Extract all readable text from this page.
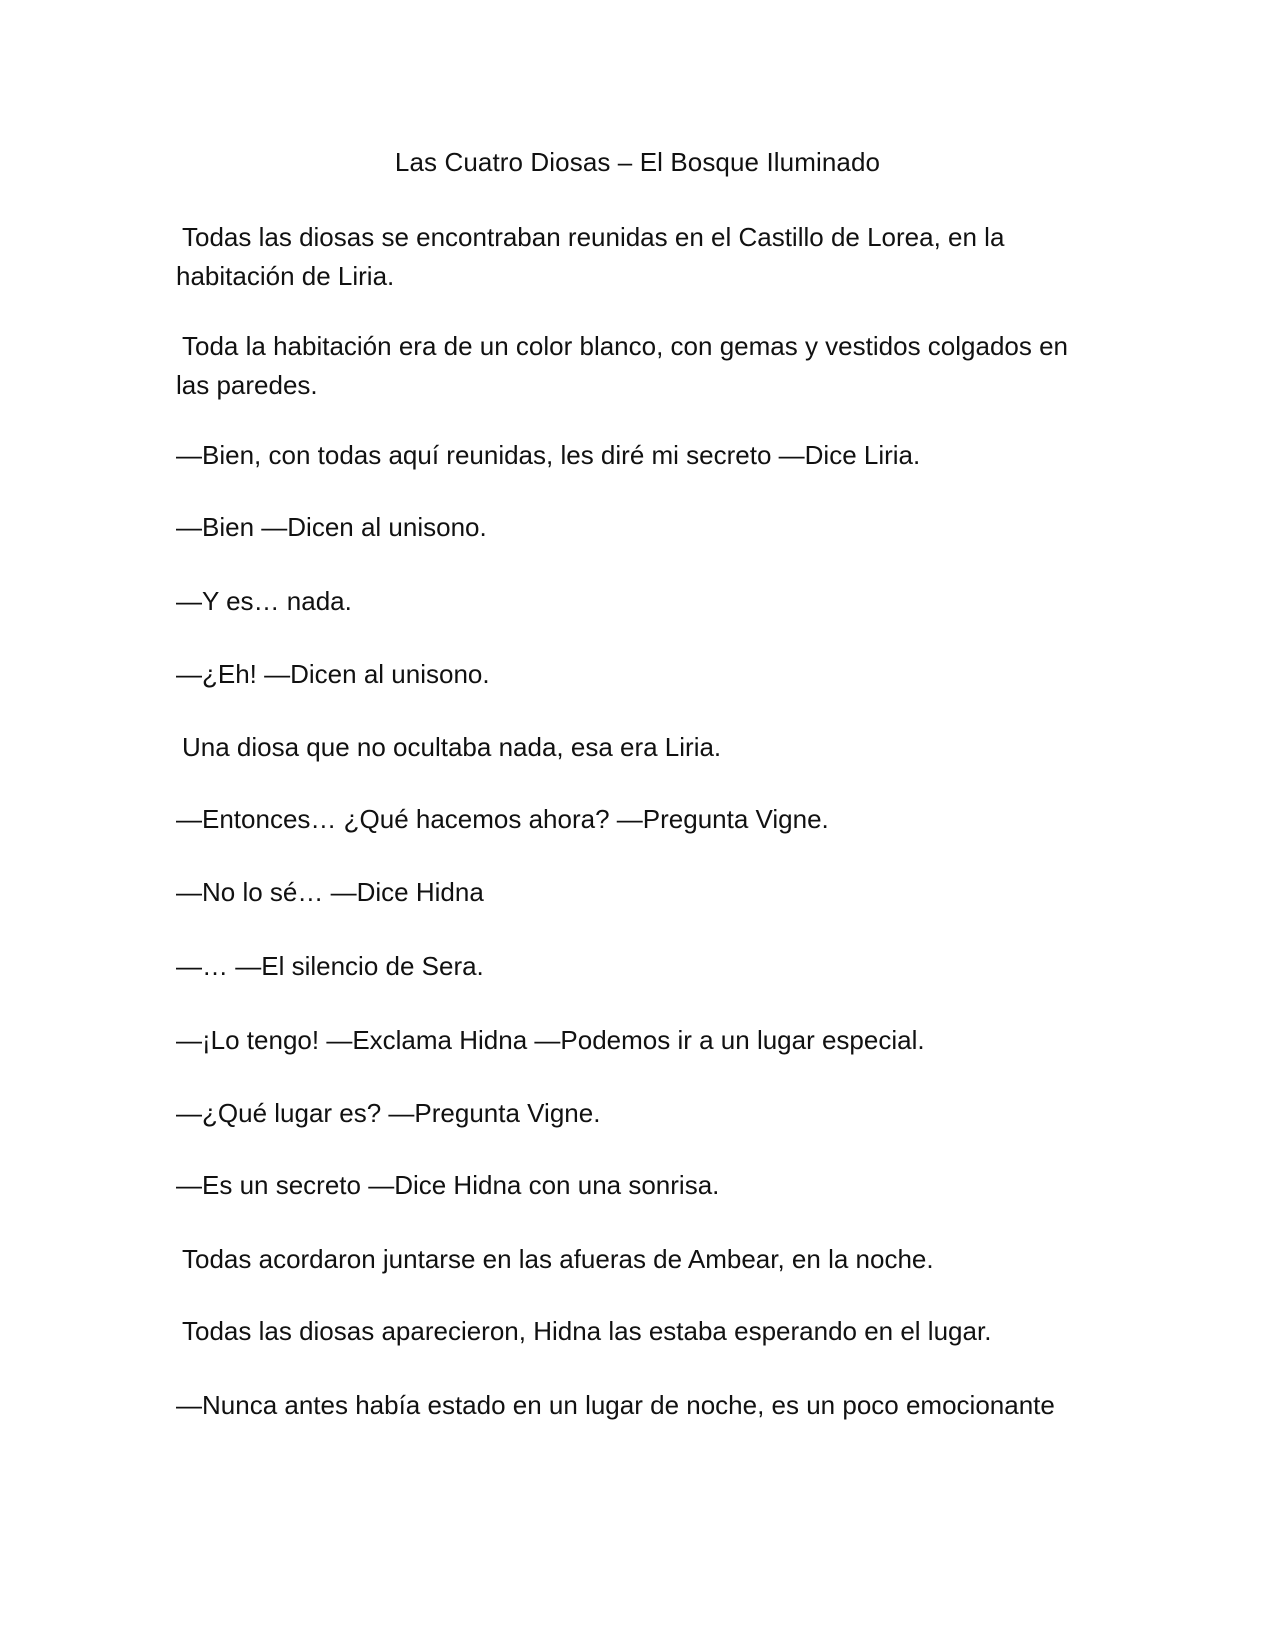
Las Cuatro Diosas – El Bosque Iluminado

Todas las diosas se encontraban reunidas en el Castillo de Lorea, en la habitación de Liria.

Toda la habitación era de un color blanco, con gemas y vestidos colgados en las paredes.

—Bien, con todas aquí reunidas, les diré mi secreto —Dice Liria.

—Bien —Dicen al unisono.

—Y es… nada.

—¿Eh! —Dicen al unisono.

Una diosa que no ocultaba nada, esa era Liria.

—Entonces… ¿Qué hacemos ahora? —Pregunta Vigne.

—No lo sé… —Dice Hidna

—… —El silencio de Sera.

—¡Lo tengo! —Exclama Hidna —Podemos ir a un lugar especial.

—¿Qué lugar es? —Pregunta Vigne.

—Es un secreto —Dice Hidna con una sonrisa.

Todas acordaron juntarse en las afueras de Ambear, en la noche.

Todas las diosas aparecieron, Hidna las estaba esperando en el lugar.

—Nunca antes había estado en un lugar de noche, es un poco emocionante
